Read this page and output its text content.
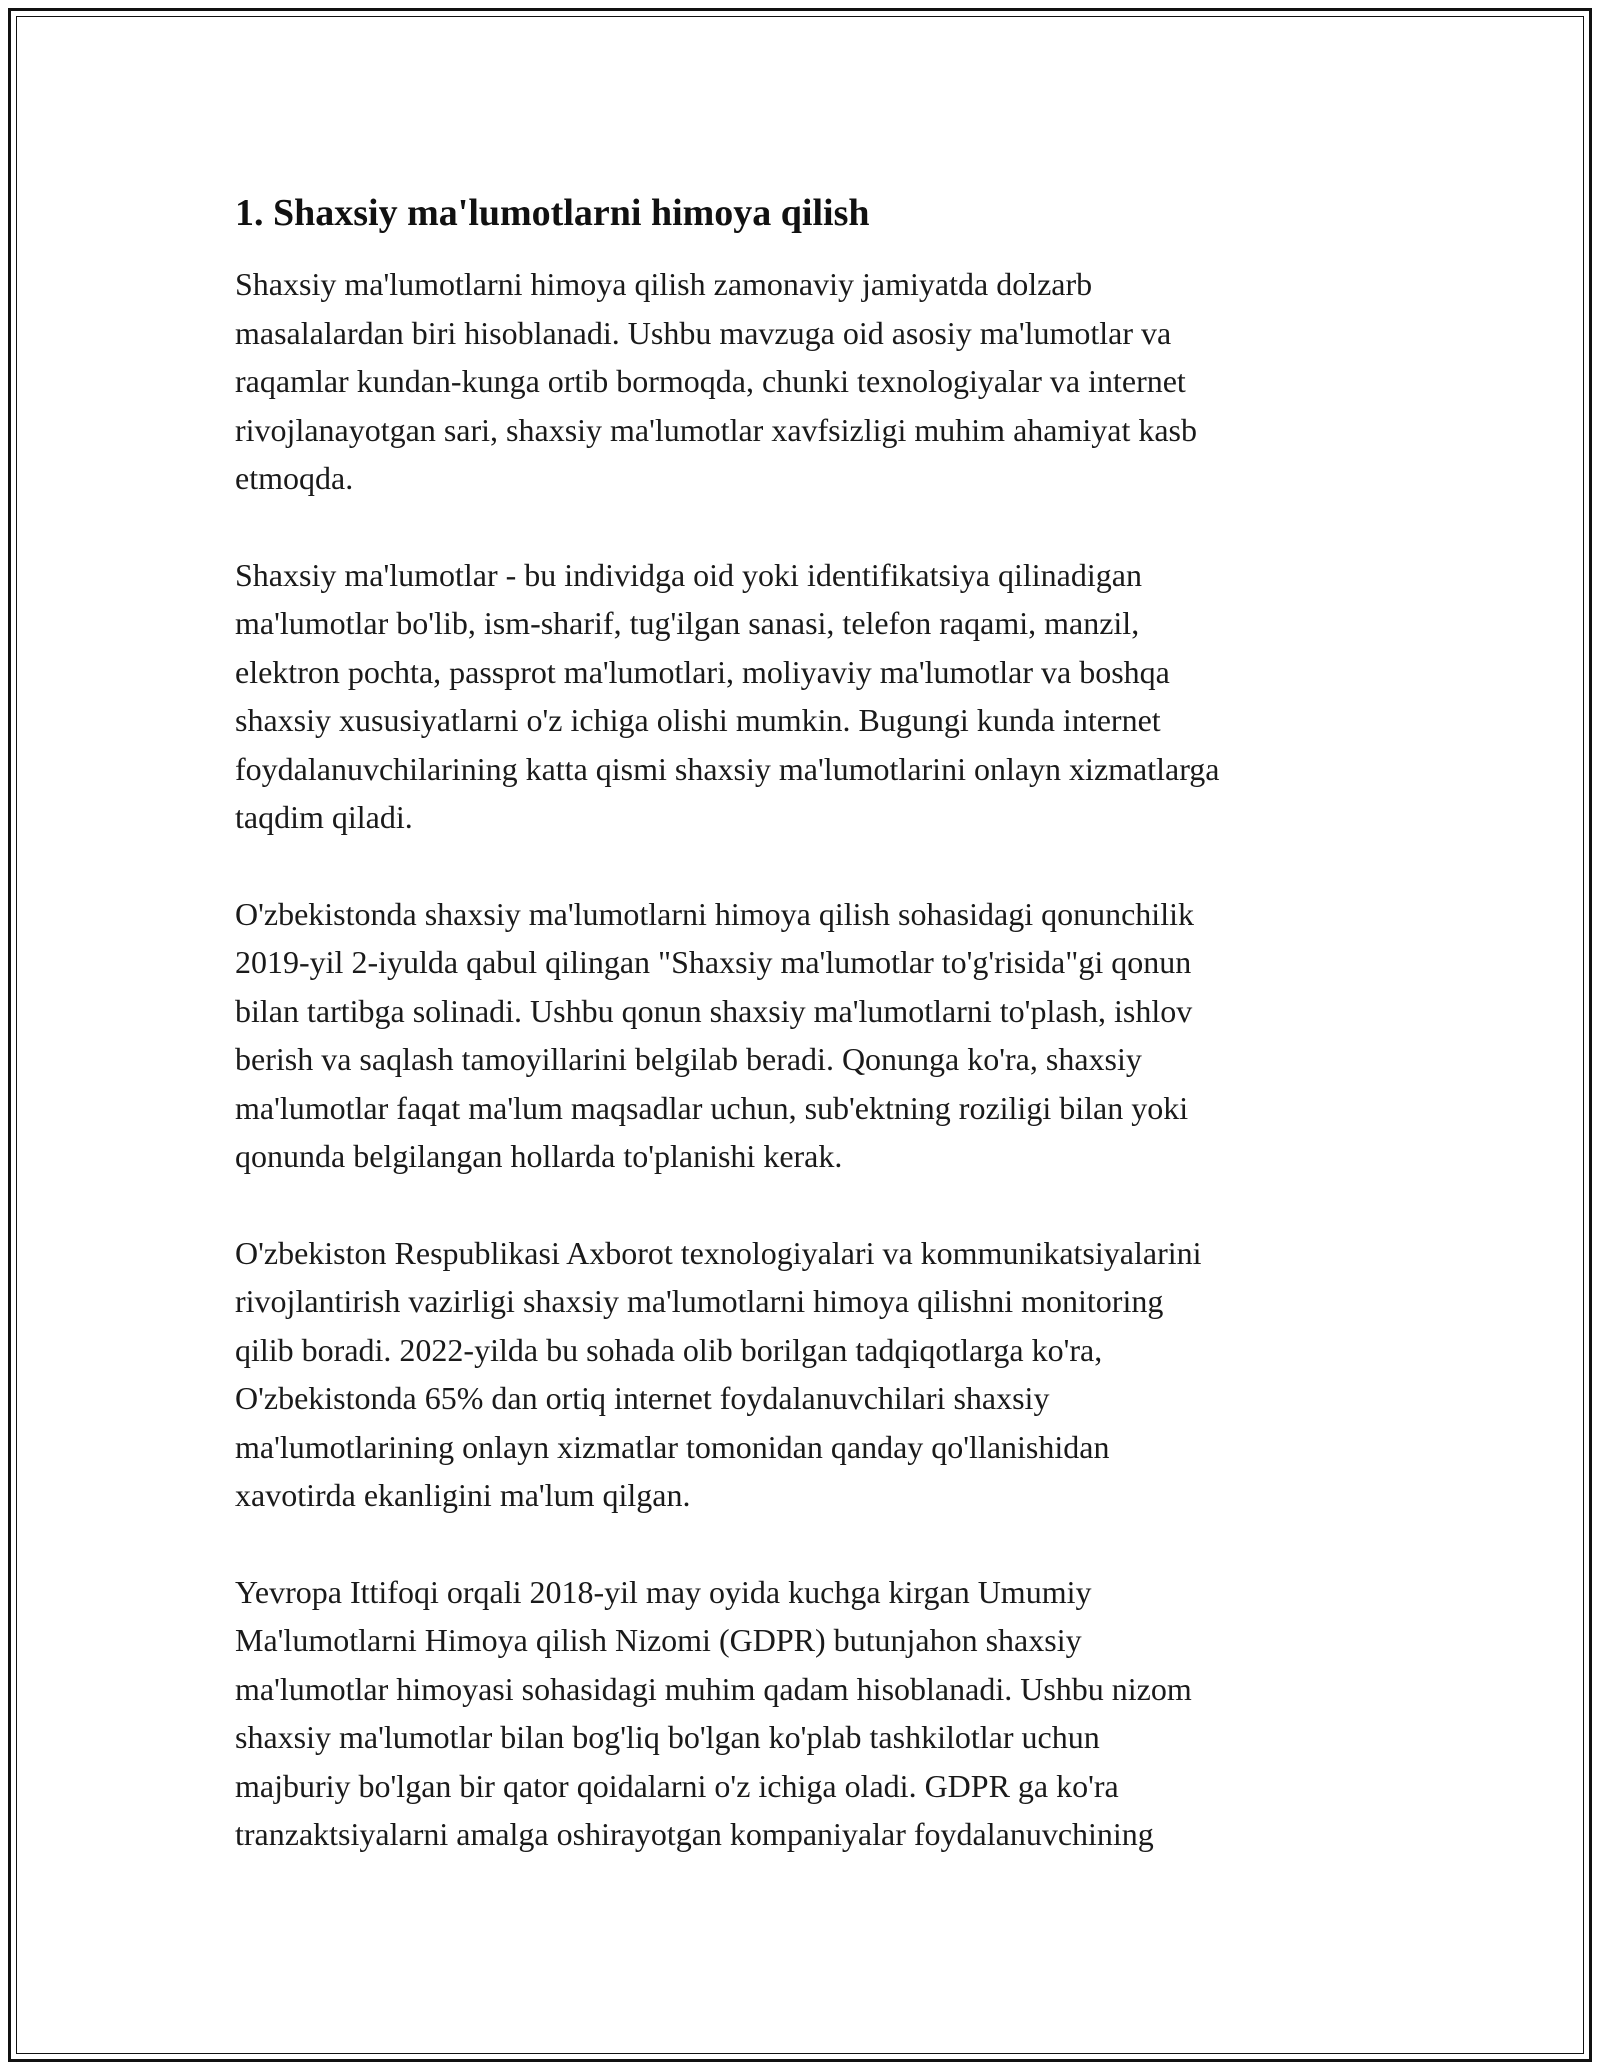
1. Shaxsiy ma'lumotlarni himoya qilish
Shaxsiy ma'lumotlarni himoya qilish zamonaviy jamiyatda dolzarb
masalalardan biri hisoblanadi. Ushbu mavzuga oid asosiy ma'lumotlar va
raqamlar kundan-kunga ortib bormoqda, chunki texnologiyalar va internet
rivojlanayotgan sari, shaxsiy ma'lumotlar xavfsizligi muhim ahamiyat kasb
etmoqda.
Shaxsiy ma'lumotlar - bu individga oid yoki identifikatsiya qilinadigan
ma'lumotlar bo'lib, ism-sharif, tug'ilgan sanasi, telefon raqami, manzil,
elektron pochta, passprot ma'lumotlari, moliyaviy ma'lumotlar va boshqa
shaxsiy xususiyatlarni o'z ichiga olishi mumkin. Bugungi kunda internet
foydalanuvchilarining katta qismi shaxsiy ma'lumotlarini onlayn xizmatlarga
taqdim qiladi.
O'zbekistonda shaxsiy ma'lumotlarni himoya qilish sohasidagi qonunchilik
2019-yil 2-iyulda qabul qilingan "Shaxsiy ma'lumotlar to'g'risida"gi qonun
bilan tartibga solinadi. Ushbu qonun shaxsiy ma'lumotlarni to'plash, ishlov
berish va saqlash tamoyillarini belgilab beradi. Qonunga ko'ra, shaxsiy
ma'lumotlar faqat ma'lum maqsadlar uchun, sub'ektning roziligi bilan yoki
qonunda belgilangan hollarda to'planishi kerak.
O'zbekiston Respublikasi Axborot texnologiyalari va kommunikatsiyalarini
rivojlantirish vazirligi shaxsiy ma'lumotlarni himoya qilishni monitoring
qilib boradi. 2022-yilda bu sohada olib borilgan tadqiqotlarga ko'ra,
O'zbekistonda 65% dan ortiq internet foydalanuvchilari shaxsiy
ma'lumotlarining onlayn xizmatlar tomonidan qanday qo'llanishidan
xavotirda ekanligini ma'lum qilgan.
Yevropa Ittifoqi orqali 2018-yil may oyida kuchga kirgan Umumiy
Ma'lumotlarni Himoya qilish Nizomi (GDPR) butunjahon shaxsiy
ma'lumotlar himoyasi sohasidagi muhim qadam hisoblanadi. Ushbu nizom
shaxsiy ma'lumotlar bilan bog'liq bo'lgan ko'plab tashkilotlar uchun
majburiy bo'lgan bir qator qoidalarni o'z ichiga oladi. GDPR ga ko'ra
tranzaktsiyalarni amalga oshirayotgan kompaniyalar foydalanuvchining
